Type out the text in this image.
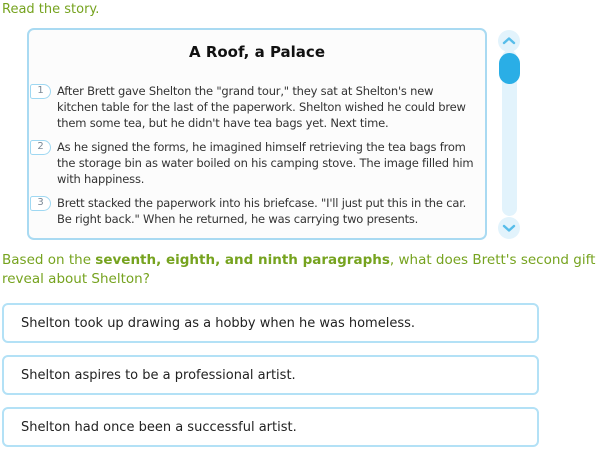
Read the story.
A Roof, a Palace
1	After Brett gave Shelton the "grand tour," they sat at Shelton's new kitchen table for the last of the paperwork. Shelton wished he could brew them some tea, but he didn't have tea bags yet. Next time.
2	As he signed the forms, he imagined himself retrieving the tea bags from the storage bin as water boiled on his camping stove. The image filled him with happiness.
3	Brett stacked the paperwork into his briefcase. "I'll just put this in the car. Be right back." When he returned, he was carrying two presents.
Based on the seventh, eighth, and ninth paragraphs, what does Brett's second gift reveal about Shelton?
Shelton took up drawing as a hobby when he was homeless.
Shelton aspires to be a professional artist.
Shelton had once been a successful artist.
